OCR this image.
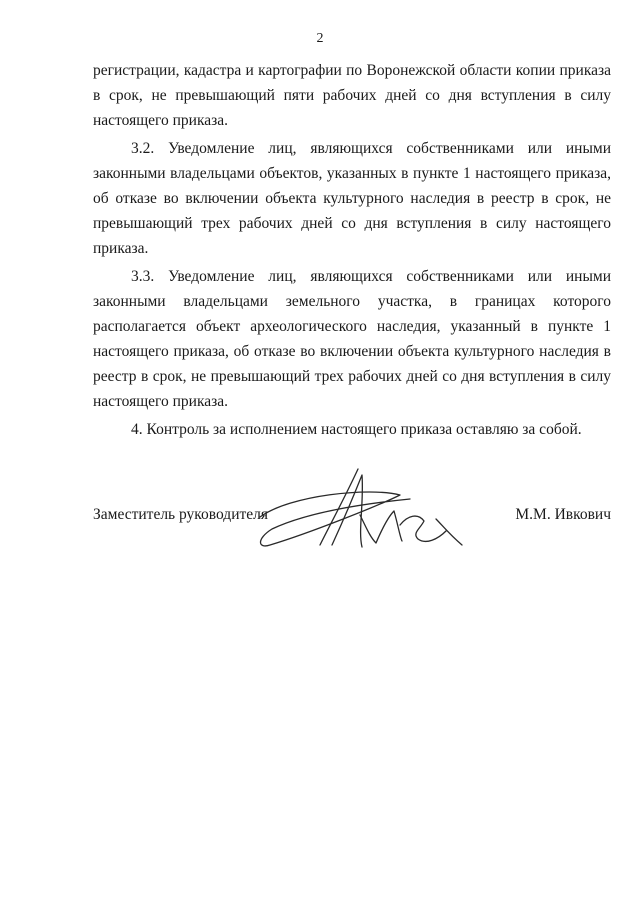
2

регистрации, кадастра и картографии по Воронежской области копии приказа в срок, не превышающий пяти рабочих дней со дня вступления в силу настоящего приказа.

3.2. Уведомление лиц, являющихся собственниками или иными законными владельцами объектов, указанных в пункте 1 настоящего приказа, об отказе во включении объекта культурного наследия в реестр в срок, не превышающий трех рабочих дней со дня вступления в силу настоящего приказа.

3.3. Уведомление лиц, являющихся собственниками или иными законными владельцами земельного участка, в границах которого располагается объект археологического наследия, указанный в пункте 1 настоящего приказа, об отказе во включении объекта культурного наследия в реестр в срок, не превышающий трех рабочих дней со дня вступления в силу настоящего приказа.

4. Контроль за исполнением настоящего приказа оставляю за собой.

Заместитель руководителя	М.М. Ивкович
